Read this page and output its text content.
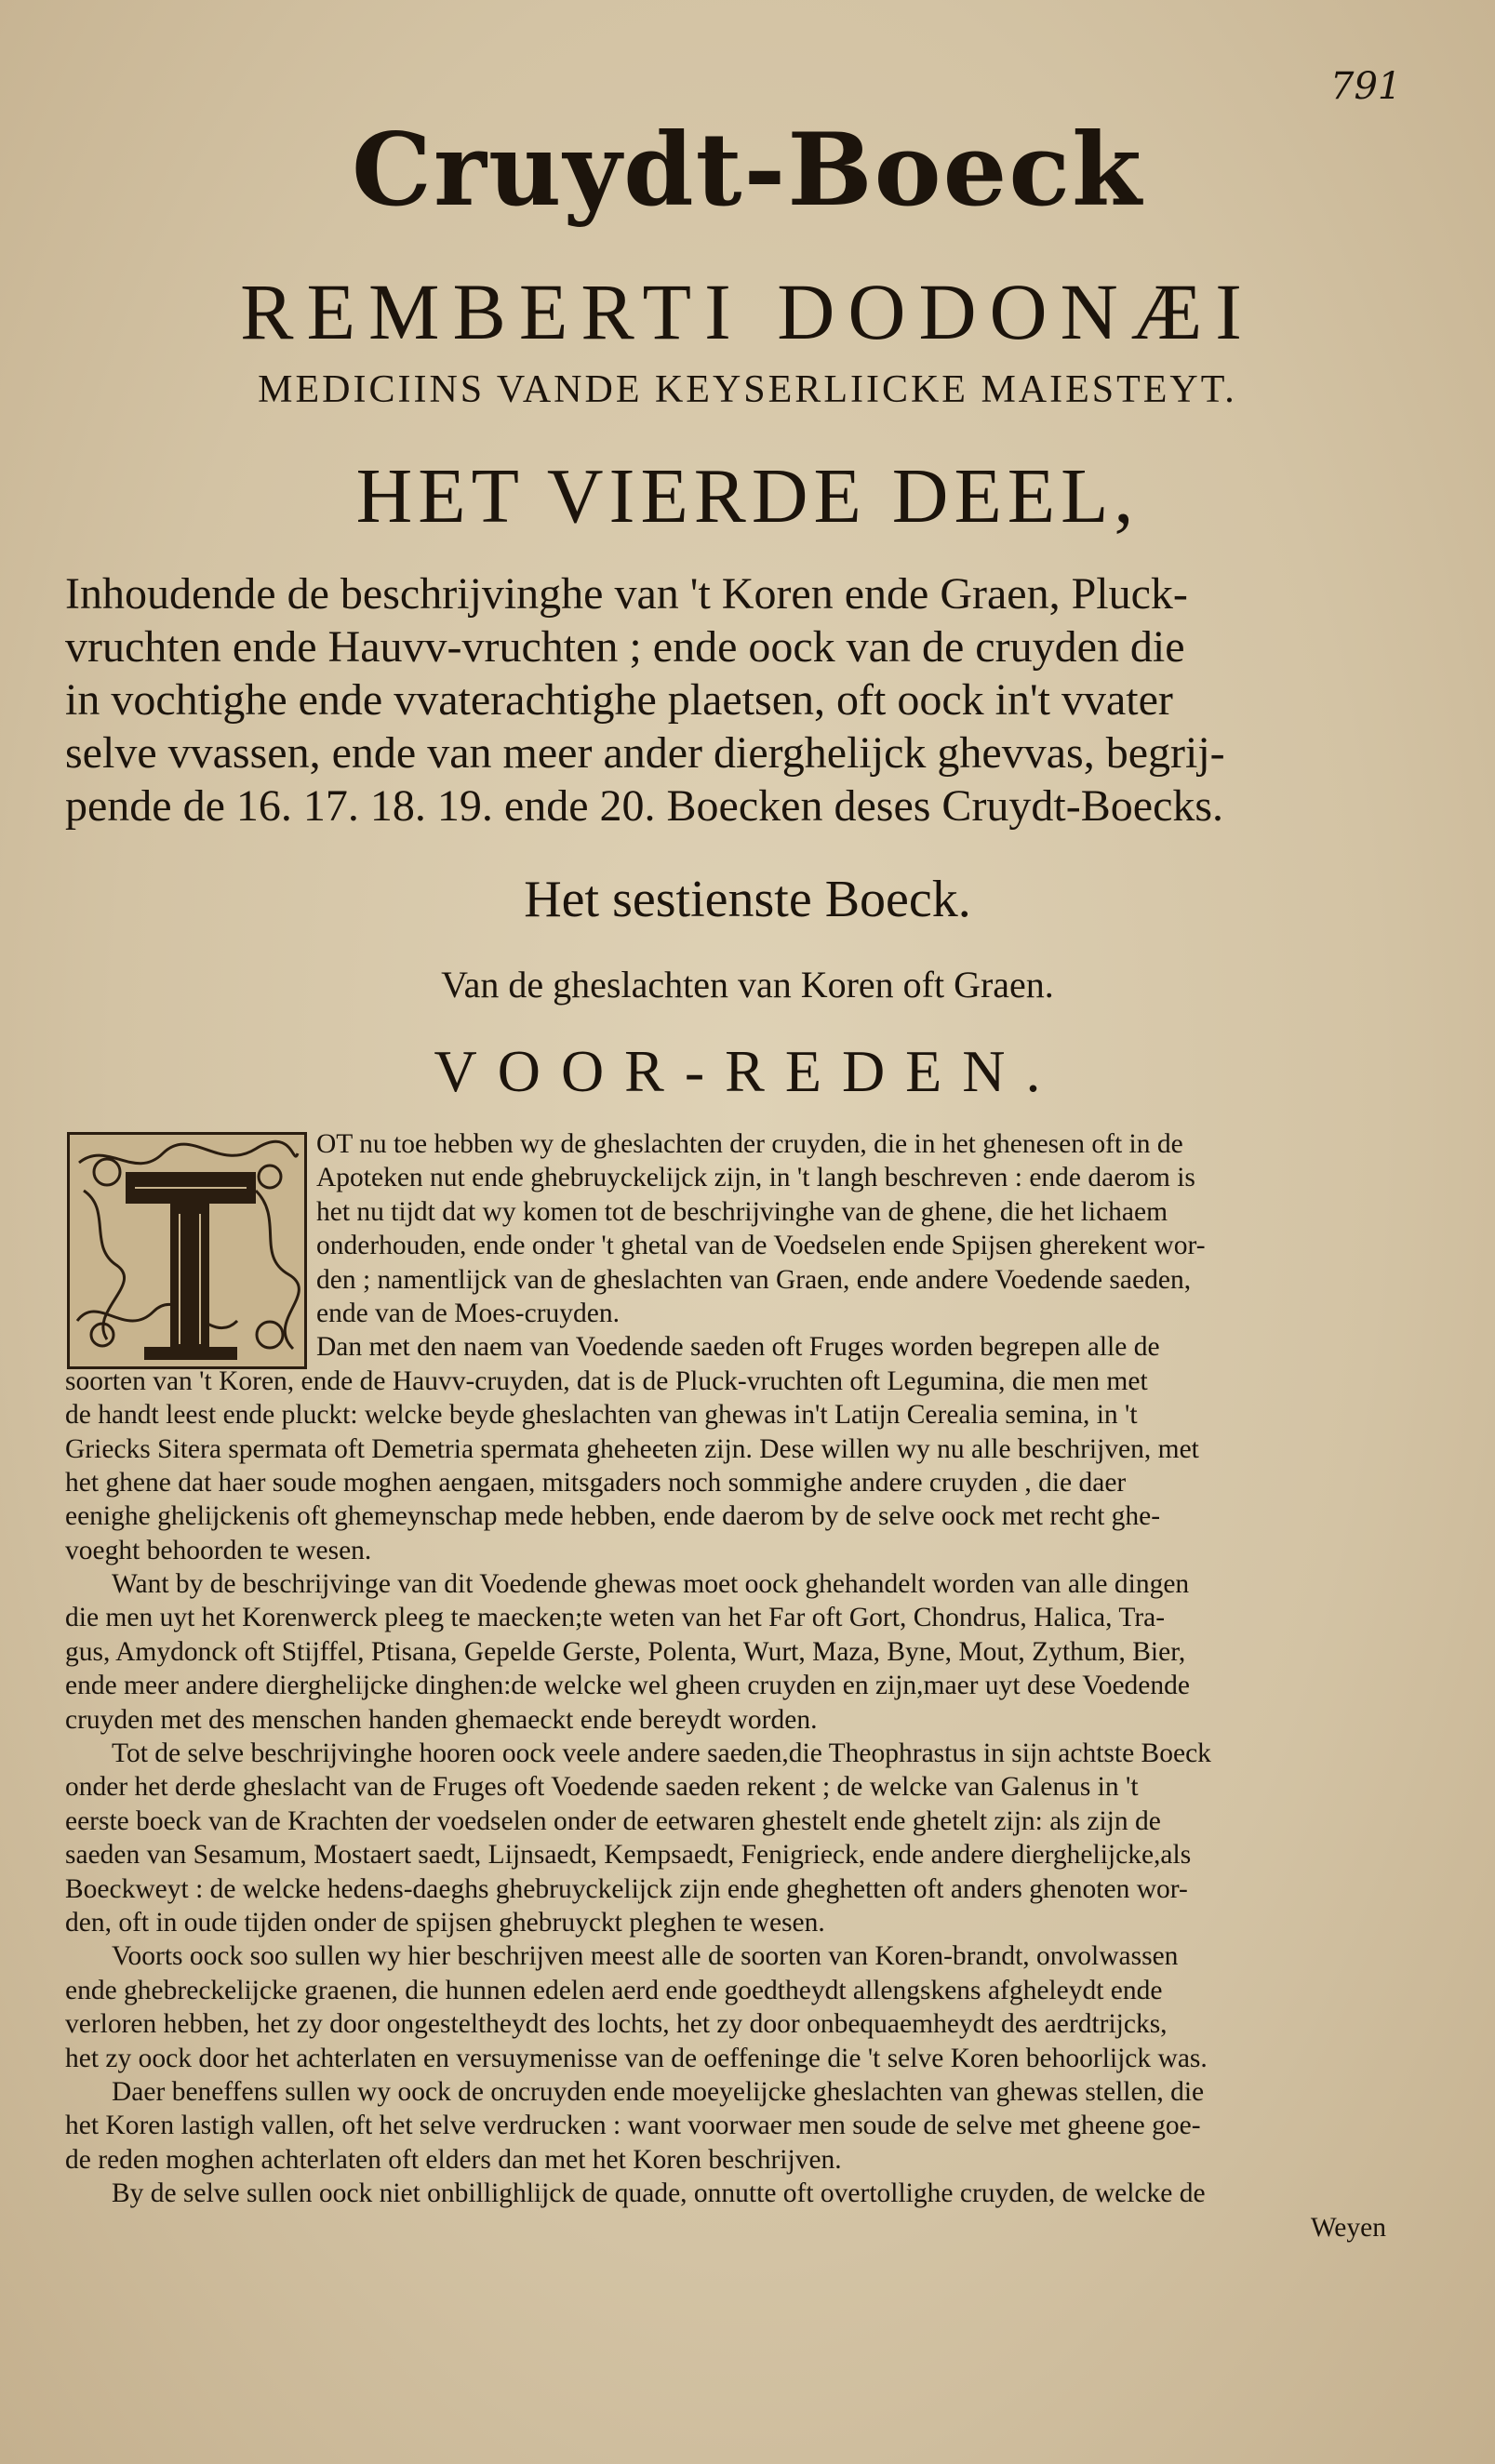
791
Cruydt-Boeck
REMBERTI DODONÆI
MEDICIINS VANDE KEYSERLIICKE MAIESTEYT.
HET VIERDE DEEL,
Inhoudende de beschrijvinghe van 't Koren ende Graen, Pluck-
vruchten ende Hauvv-vruchten ; ende oock van de cruyden die
in vochtighe ende vvaterachtighe plaetsen, oft oock in't vvater
selve vvassen, ende van meer ander dierghelijck ghevvas, begrij-
pende de 16. 17. 18. 19. ende 20. Boecken deses Cruydt-Boecks.
Het sestienste Boeck.
Van de gheslachten van Koren oft Graen.
VOOR-REDEN.
OT nu toe hebben wy de gheslachten der cruyden, die in het ghenesen oft in de
Apoteken nut ende ghebruyckelijck zijn, in 't langh beschreven : ende daerom is
het nu tijdt dat wy komen tot de beschrijvinghe van de ghene, die het lichaem
onderhouden, ende onder 't ghetal van de Voedselen ende Spijsen gherekent wor-
den ; namentlijck van de gheslachten van Graen, ende andere Voedende saeden,
ende van de Moes-cruyden.
Dan met den naem van Voedende saeden oft Fruges worden begrepen alle de
soorten van 't Koren, ende de Hauvv-cruyden, dat is de Pluck-vruchten oft Legumina, die men met
de handt leest ende pluckt: welcke beyde gheslachten van ghewas in't Latijn Cerealia semina, in 't
Griecks Sitera spermata oft Demetria spermata gheheeten zijn. Dese willen wy nu alle beschrijven, met
het ghene dat haer soude moghen aengaen, mitsgaders noch sommighe andere cruyden , die daer
eenighe ghelijckenis oft ghemeynschap mede hebben, ende daerom by de selve oock met recht ghe-
voeght behoorden te wesen.
Want by de beschrijvinge van dit Voedende ghewas moet oock ghehandelt worden van alle dingen
die men uyt het Korenwerck pleeg te maecken;te weten van het Far oft Gort, Chondrus, Halica, Tra-
gus, Amydonck oft Stijffel, Ptisana, Gepelde Gerste, Polenta, Wurt, Maza, Byne, Mout, Zythum, Bier,
ende meer andere dierghelijcke dinghen:de welcke wel gheen cruyden en zijn,maer uyt dese Voedende
cruyden met des menschen handen ghemaeckt ende bereydt worden.
Tot de selve beschrijvinghe hooren oock veele andere saeden,die Theophrastus in sijn achtste Boeck
onder het derde gheslacht van de Fruges oft Voedende saeden rekent ; de welcke van Galenus in 't
eerste boeck van de Krachten der voedselen onder de eetwaren ghestelt ende ghetelt zijn: als zijn de
saeden van Sesamum, Mostaert saedt, Lijnsaedt, Kempsaedt, Fenigrieck, ende andere dierghelijcke,als
Boeckweyt : de welcke hedens-daeghs ghebruyckelijck zijn ende gheghetten oft anders ghenoten wor-
den, oft in oude tijden onder de spijsen ghebruyckt pleghen te wesen.
Voorts oock soo sullen wy hier beschrijven meest alle de soorten van Koren-brandt, onvolwassen
ende ghebreckelijcke graenen, die hunnen edelen aerd ende goedtheydt allengskens afgheleydt ende
verloren hebben, het zy door ongesteltheydt des lochts, het zy door onbequaemheydt des aerdtrijcks,
het zy oock door het achterlaten en versuymenisse van de oeffeninge die 't selve Koren behoorlijck was.
Daer beneffens sullen wy oock de oncruyden ende moeyelijcke gheslachten van ghewas stellen, die
het Koren lastigh vallen, oft het selve verdrucken : want voorwaer men soude de selve met gheene goe-
de reden moghen achterlaten oft elders dan met het Koren beschrijven.
By de selve sullen oock niet onbillighlijck de quade, onnutte oft overtollighe cruyden, de welcke de
Weyen
